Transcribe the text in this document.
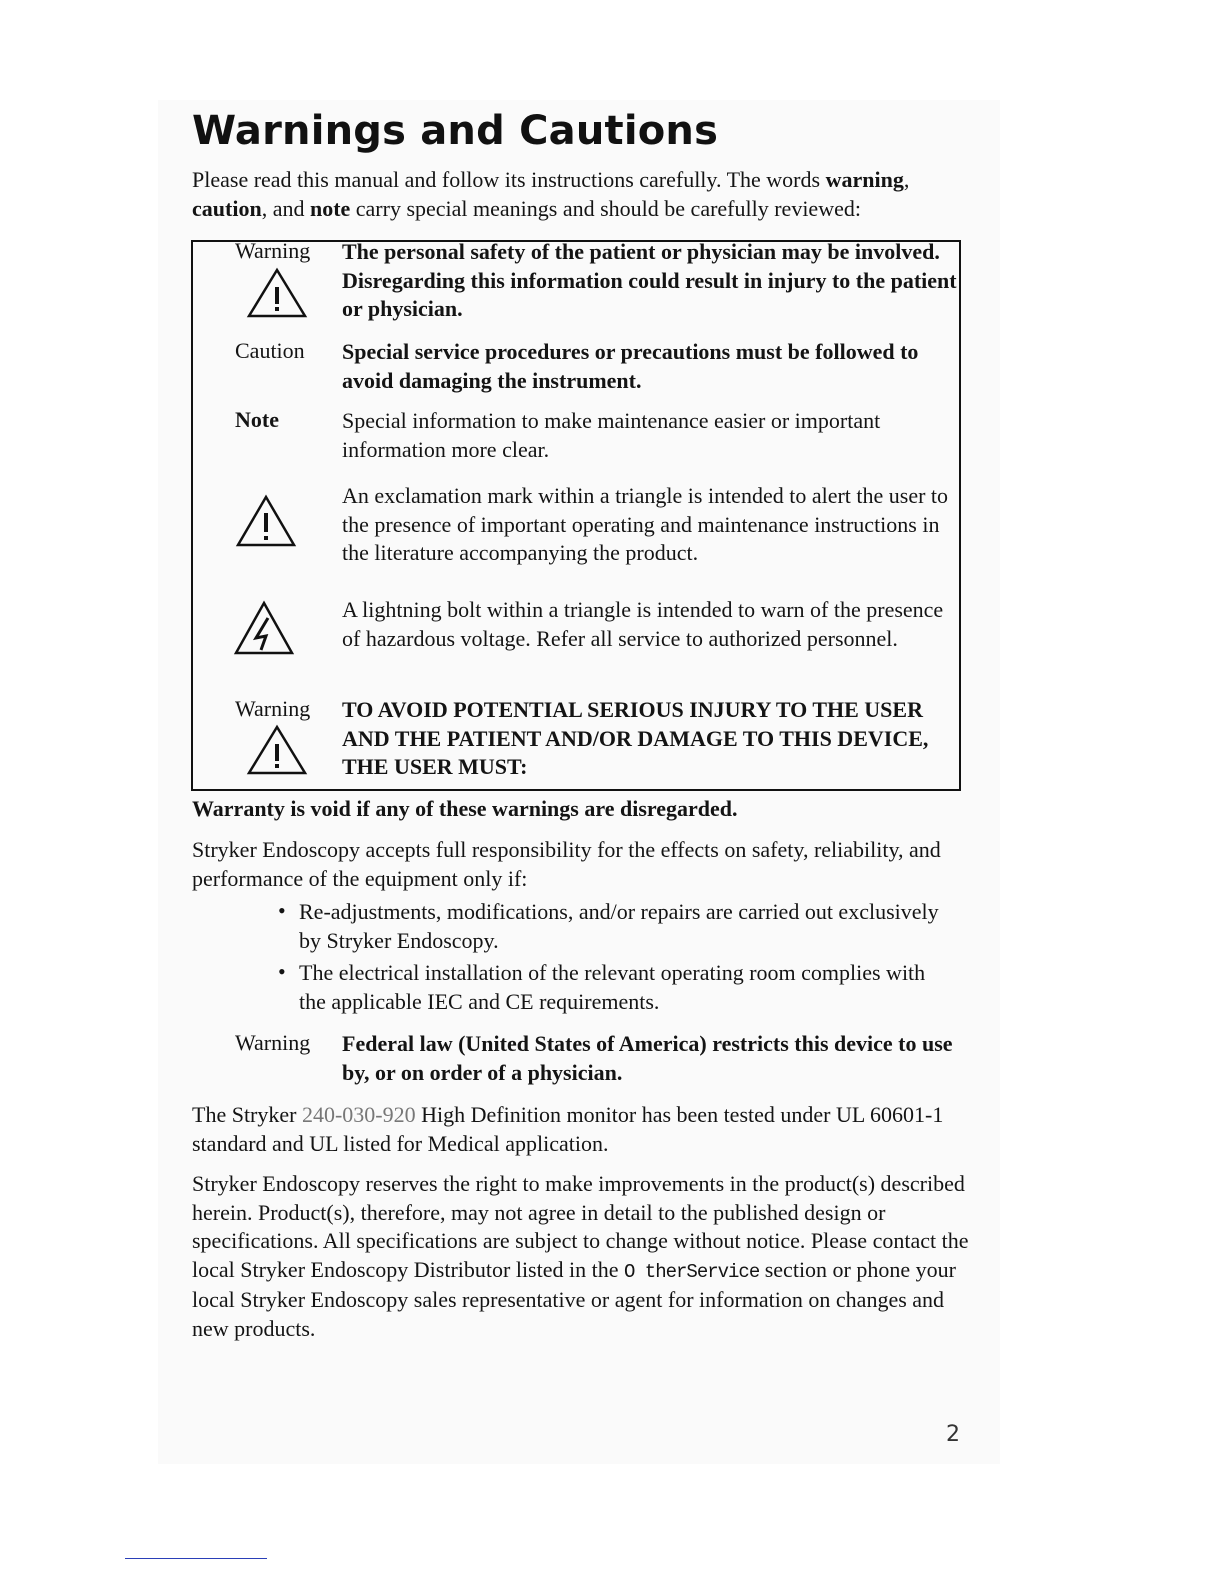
Warnings and Cautions
Please read this manual and follow its instructions carefully. The words warning, caution, and note carry special meanings and should be carefully reviewed:
Warning The personal safety of the patient or physician may be involved. Disregarding this information could result in injury to the patient or physician.
Caution Special service procedures or precautions must be followed to avoid damaging the instrument.
Note	Special information to make maintenance easier or important information more clear.
An exclamation mark within a triangle is intended to alert the user to the presence of important operating and maintenance instructions in the literature accompanying the product.
A lightning bolt within a triangle is intended to warn of the presence of hazardous voltage. Refer all service to authorized personnel.
Warning TO AVOID POTENTIAL SERIOUS INJURY TO THE USER AND THE PATIENT AND/OR DAMAGE TO THIS DEVICE, THE USER MUST:
Warranty is void if any of these warnings are disregarded.
Stryker Endoscopy accepts full responsibility for the effects on safety, reliability, and performance of the equipment only if:
• Re-adjustments, modifications, and/or repairs are carried out exclusively by Stryker Endoscopy.
• The electrical installation of the relevant operating room complies with the applicable IEC and CE requirements.
Warning Federal law (United States of America) restricts this device to use by, or on order of a physician.
The Stryker 240-030-920 High Definition monitor has been tested under UL 60601-1 standard and UL listed for Medical application.
Stryker Endoscopy reserves the right to make improvements in the product(s) described herein. Product(s), therefore, may not agree in detail to the published design or specifications. All specifications are subject to change without notice. Please contact the local Stryker Endoscopy Distributor listed in the O therService section or phone your local Stryker Endoscopy sales representative or agent for information on changes and new products.
2
